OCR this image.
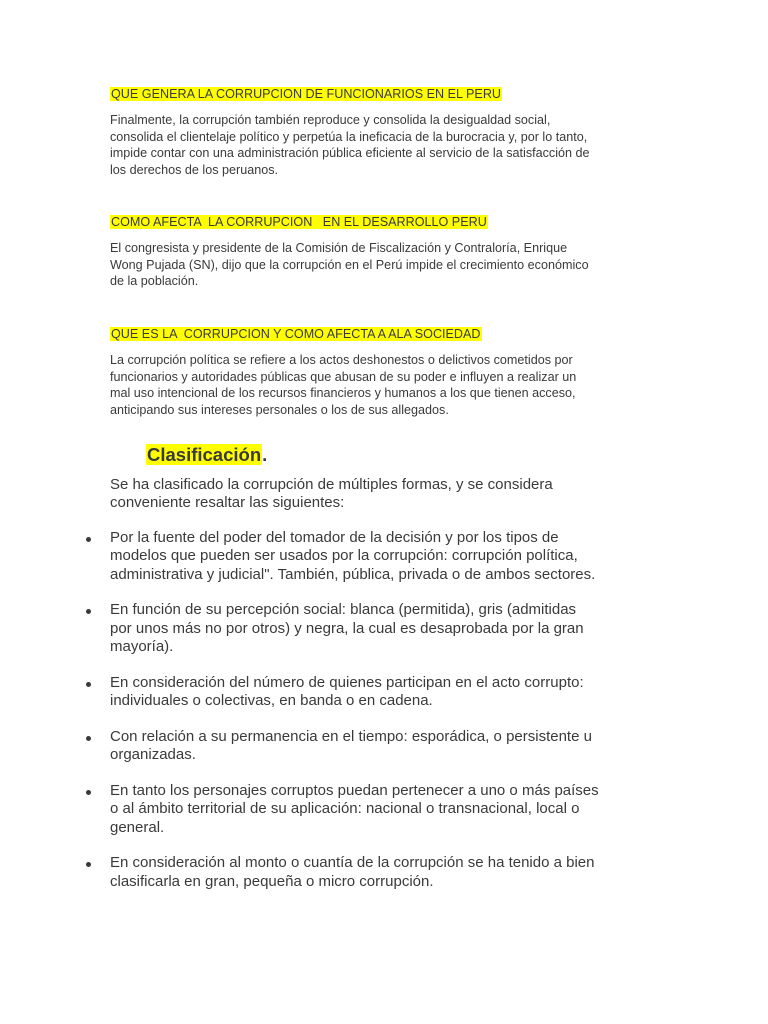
QUE GENERA LA CORRUPCION DE FUNCIONARIOS EN EL PERU

Finalmente, la corrupción también reproduce y consolida la desigualdad social,
consolida el clientelaje político y perpetúa la ineficacia de la burocracia y, por lo tanto,
impide contar con una administración pública eficiente al servicio de la satisfacción de
los derechos de los peruanos.

COMO AFECTA  LA CORRUPCION   EN EL DESARROLLO PERU

El congresista y presidente de la Comisión de Fiscalización y Contraloría, Enrique
Wong Pujada (SN), dijo que la corrupción en el Perú impide el crecimiento económico
de la población.

QUE ES LA  CORRUPCION Y COMO AFECTA A ALA SOCIEDAD

La corrupción política se refiere a los actos deshonestos o delictivos cometidos por
funcionarios y autoridades públicas que abusan de su poder e influyen a realizar un
mal uso intencional de los recursos financieros y humanos a los que tienen acceso,
anticipando sus intereses personales o los de sus allegados.
Clasificación.
Se ha clasificado la corrupción de múltiples formas, y se considera
conveniente resaltar las siguientes:
Por la fuente del poder del tomador de la decisión y por los tipos de
modelos que pueden ser usados por la corrupción: corrupción política,
administrativa y judicial". También, pública, privada o de ambos sectores.
En función de su percepción social: blanca (permitida), gris (admitidas
por unos más no por otros) y negra, la cual es desaprobada por la gran
mayoría).
En consideración del número de quienes participan en el acto corrupto:
individuales o colectivas, en banda o en cadena.
Con relación a su permanencia en el tiempo: esporádica, o persistente u
organizadas.
En tanto los personajes corruptos puedan pertenecer a uno o más países
o al ámbito territorial de su aplicación: nacional o transnacional, local o
general.
En consideración al monto o cuantía de la corrupción se ha tenido a bien
clasificarla en gran, pequeña o micro corrupción.
